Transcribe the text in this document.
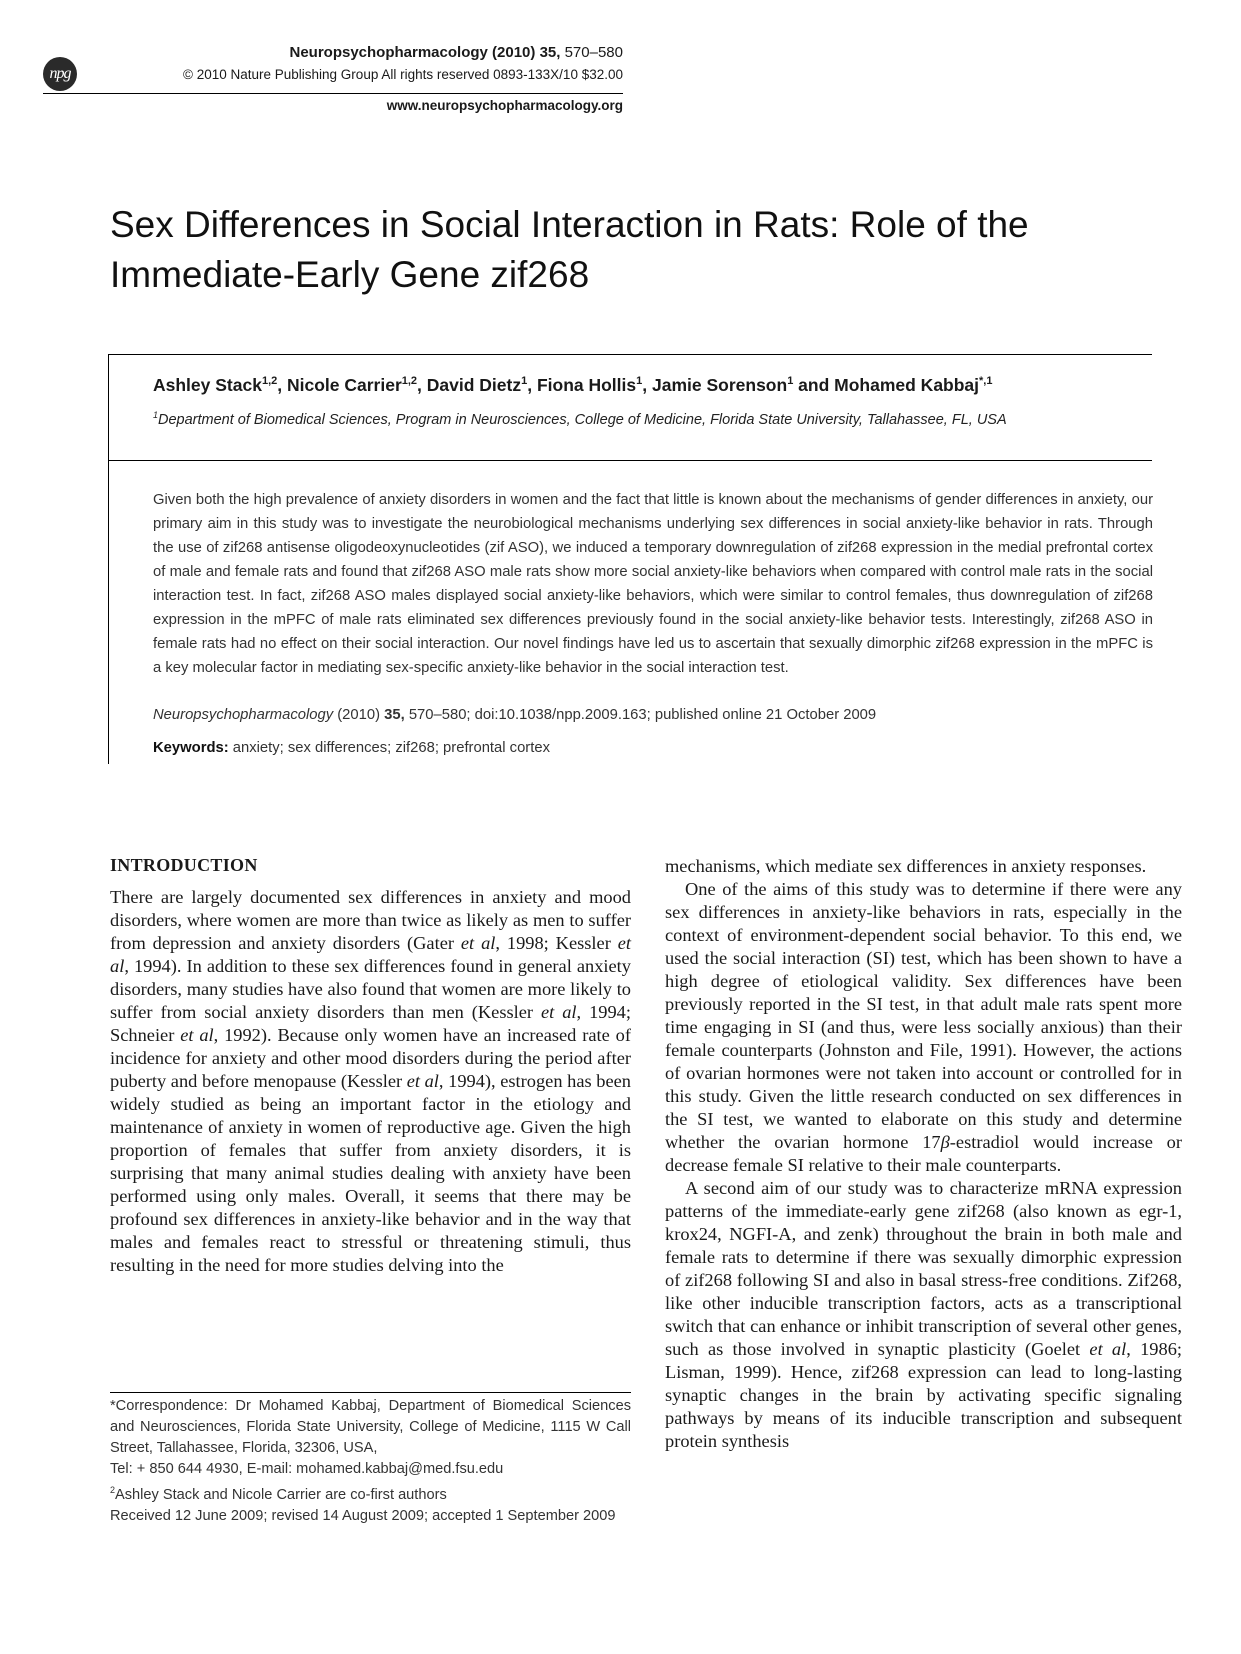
npg
Neuropsychopharmacology (2010) 35, 570–580
© 2010 Nature Publishing Group All rights reserved 0893-133X/10 $32.00
www.neuropsychopharmacology.org
Sex Differences in Social Interaction in Rats: Role of the Immediate-Early Gene zif268
Ashley Stack$^{1,2}$, Nicole Carrier$^{1,2}$, David Dietz$^1$, Fiona Hollis$^1$, Jamie Sorenson$^1$ and Mohamed Kabbaj$^{*,1}$
$^1$Department of Biomedical Sciences, Program in Neurosciences, College of Medicine, Florida State University, Tallahassee, FL, USA

Given both the high prevalence of anxiety disorders in women and the fact that little is known about the mechanisms of gender differences in anxiety, our primary aim in this study was to investigate the neurobiological mechanisms underlying sex differences in social anxiety-like behavior in rats. Through the use of zif268 antisense oligodeoxynucleotides (zif ASO), we induced a temporary downregulation of zif268 expression in the medial prefrontal cortex of male and female rats and found that zif268 ASO male rats show more social anxiety-like behaviors when compared with control male rats in the social interaction test. In fact, zif268 ASO males displayed social anxiety-like behaviors, which were similar to control females, thus downregulation of zif268 expression in the mPFC of male rats eliminated sex differences previously found in the social anxiety-like behavior tests. Interestingly, zif268 ASO in female rats had no effect on their social interaction. Our novel findings have led us to ascertain that sexually dimorphic zif268 expression in the mPFC is a key molecular factor in mediating sex-specific anxiety-like behavior in the social interaction test.

Neuropsychopharmacology (2010) 35, 570–580; doi:10.1038/npp.2009.163; published online 21 October 2009
Keywords: anxiety; sex differences; zif268; prefrontal cortex
INTRODUCTION

There are largely documented sex differences in anxiety and mood disorders, where women are more than twice as likely as men to suffer from depression and anxiety disorders (Gater et al, 1998; Kessler et al, 1994). In addition to these sex differences found in general anxiety disorders, many studies have also found that women are more likely to suffer from social anxiety disorders than men (Kessler et al, 1994; Schneier et al, 1992). Because only women have an increased rate of incidence for anxiety and other mood disorders during the period after puberty and before menopause (Kessler et al, 1994), estrogen has been widely studied as being an important factor in the etiology and maintenance of anxiety in women of reproductive age. Given the high proportion of females that suffer from anxiety disorders, it is surprising that many animal studies dealing with anxiety have been performed using only males. Overall, it seems that there may be profound sex differences in anxiety-like behavior and in the way that males and females react to stressful or threatening stimuli, thus resulting in the need for more studies delving into the

*Correspondence: Dr Mohamed Kabbaj, Department of Biomedical Sciences and Neurosciences, Florida State University, College of Medicine, 1115 W Call Street, Tallahassee, Florida, 32306, USA,

Tel: + 850 644 4930, E-mail: mohamed.kabbaj@med.fsu.edu

$^2$Ashley Stack and Nicole Carrier are co-first authors

Received 12 June 2009; revised 14 August 2009; accepted 1 September 2009

mechanisms, which mediate sex differences in anxiety responses.

One of the aims of this study was to determine if there were any sex differences in anxiety-like behaviors in rats, especially in the context of environment-dependent social behavior. To this end, we used the social interaction (SI) test, which has been shown to have a high degree of etiological validity. Sex differences have been previously reported in the SI test, in that adult male rats spent more time engaging in SI (and thus, were less socially anxious) than their female counterparts (Johnston and File, 1991). However, the actions of ovarian hormones were not taken into account or controlled for in this study. Given the little research conducted on sex differences in the SI test, we wanted to elaborate on this study and determine whether the ovarian hormone 17β-estradiol would increase or decrease female SI relative to their male counterparts.

A second aim of our study was to characterize mRNA expression patterns of the immediate-early gene zif268 (also known as egr-1, krox24, NGFI-A, and zenk) throughout the brain in both male and female rats to determine if there was sexually dimorphic expression of zif268 following SI and also in basal stress-free conditions. Zif268, like other inducible transcription factors, acts as a transcriptional switch that can enhance or inhibit transcription of several other genes, such as those involved in synaptic plasticity (Goelet et al, 1986; Lisman, 1999). Hence, zif268 expression can lead to long-lasting synaptic changes in the brain by activating specific signaling pathways by means of its inducible transcription and subsequent protein synthesis
